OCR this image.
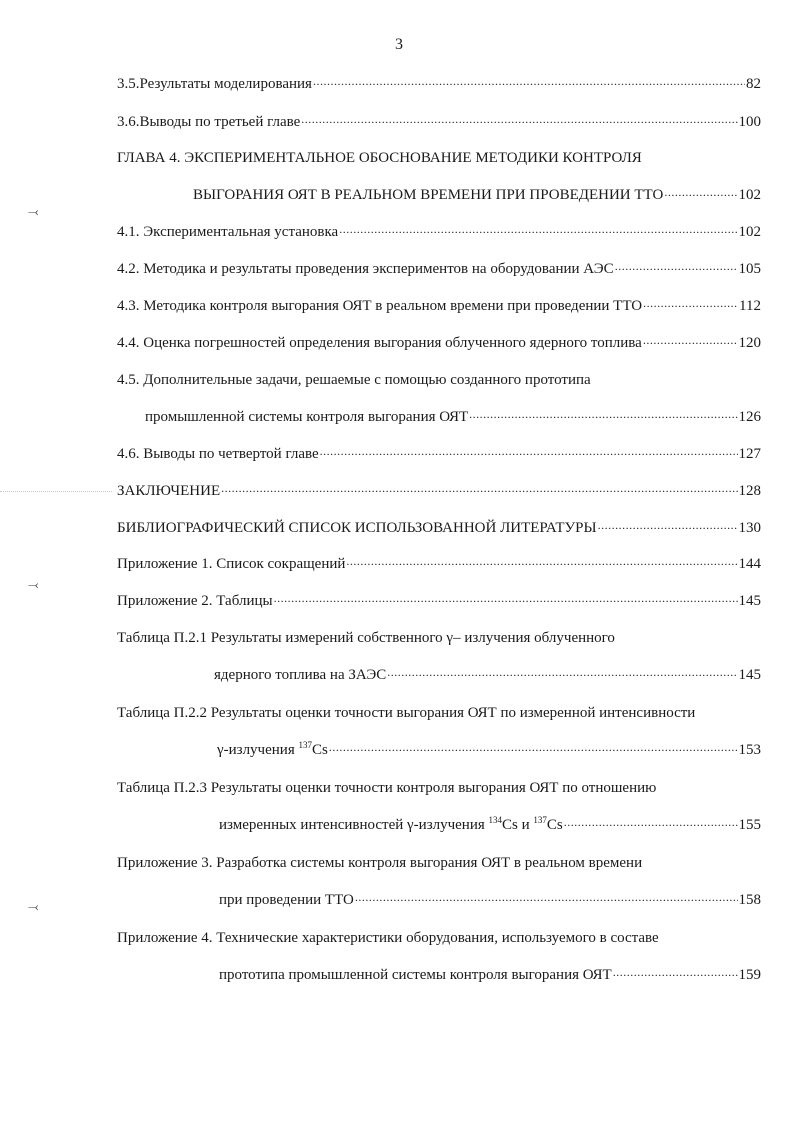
3
⤙
⤙
⤙
3.5.Результаты моделирования .....	82
3.6.Выводы по третьей главе .....	100
ГЛАВА 4. ЭКСПЕРИМЕНТАЛЬНОЕ ОБОСНОВАНИЕ МЕТОДИКИ КОНТРОЛЯ
ВЫГОРАНИЯ ОЯТ В РЕАЛЬНОМ ВРЕМЕНИ ПРИ ПРОВЕДЕНИИ ТТО .....	102
4.1. Экспериментальная установка .....	102
4.2. Методика и результаты проведения экспериментов на оборудовании АЭС .....	105
4.3. Методика контроля выгорания ОЯТ в реальном времени при проведении ТТО .....	112
4.4. Оценка погрешностей определения выгорания облученного ядерного топлива .....	120
4.5. Дополнительные задачи, решаемые с помощью созданного прототипа
промышленной системы контроля выгорания ОЯТ .....	126
4.6. Выводы по четвертой главе .....	127
ЗАКЛЮЧЕНИЕ .....	128
БИБЛИОГРАФИЧЕСКИЙ СПИСОК ИСПОЛЬЗОВАННОЙ ЛИТЕРАТУРЫ .....	130
Приложение 1. Список сокращений .....	144
Приложение 2. Таблицы .....	145
Таблица П.2.1 Результаты измерений собственного γ– излучения облученного
ядерного топлива на ЗАЭС .....	145
Таблица П.2.2 Результаты оценки точности выгорания ОЯТ по измеренной интенсивности
γ-излучения $^{137}$Cs .....	153
Таблица П.2.3 Результаты оценки точности контроля выгорания ОЯТ по отношению
измеренных интенсивностей γ-излучения $^{134}$Cs и $^{137}$Cs .....	155
Приложение 3. Разработка системы контроля выгорания ОЯТ в реальном времени
при проведении ТТО .....	158
Приложение 4. Технические характеристики оборудования, используемого в составе
прототипа промышленной системы контроля выгорания ОЯТ .....	159
